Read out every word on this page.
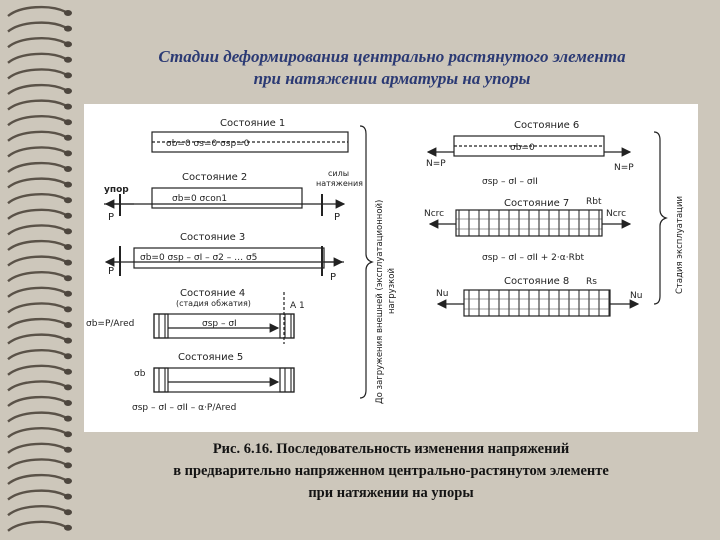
Стадии деформирования центрально растянутого элемента
при натяжении арматуры на упоры
Состояние 1
σb=0 σs=0 σsp=0
Состояние 2
упор
σb=0 σcon1
P	P
силы
натяжения
Состояние 3
σb=0 σsp – σI – σ2 – … σ5
P
P
Состояние 4
(стадия обжатия)	A 1
σb=P/Ared	σsp – σI
Состояние 5
σb
σsp – σI – σII – α·P/Ared
До загружения внешней (эксплуатационной) нагрузкой
Состояние 6
σb=0
N=P	N=P
σsp – σI – σII
Состояние 7 Rbt
Ncrc	Ncrc
σsp – σI – σII + 2·α·Rbt
Состояние 8 Rs
Nu	Nu
Стадия эксплуатации
Рис. 6.16. Последовательность изменения напряжений
в предварительно напряженном центрально-растянутом элементе
при натяжении на упоры
